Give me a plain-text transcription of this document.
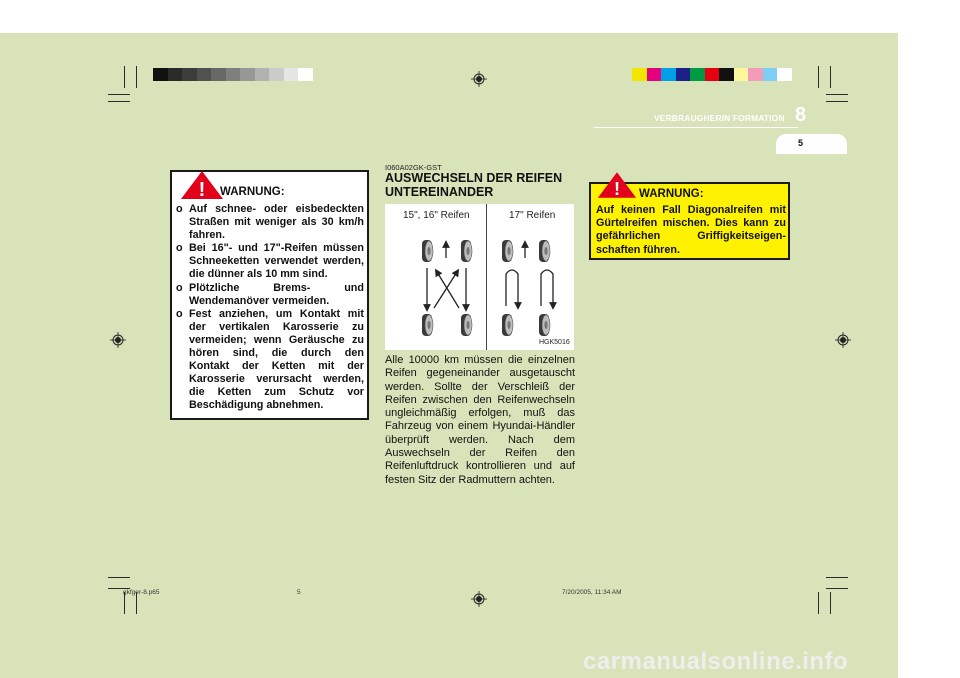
VERBRAUGHERIN FORMATION 8
5
! WARNUNG:
o Auf schnee- oder eisbedeckten Straßen mit weniger als 30 km/h fahren.
o Bei 16"- und 17"-Reifen müssen Schneeketten verwendet werden, die dünner als 10 mm sind.
o Plötzliche Brems- und Wendemanöver vermeiden.
o Fest anziehen, um Kontakt mit der vertikalen Karosserie zu vermeiden; wenn Geräusche zu hören sind, die durch den Kontakt der Ketten mit der Karosserie verursacht werden, die Ketten zum Schutz vor Beschädigung abnehmen.
I060A02GK-GST
AUSWECHSELN DER REIFEN UNTEREINANDER
15", 16" Reifen	17" Reifen
HGK5016
Alle 10000 km müssen die einzelnen Reifen gegeneinander ausgetauscht werden. Sollte der Verschleiß der Reifen zwischen den Reifenwechseln ungleichmäßig erfolgen, muß das Fahrzeug von einem Hyundai-Händler überprüft werden. Nach dem Auswechseln der Reifen den Reifenluftdruck kontrollieren und auf festen Sitz der Radmuttern achten.
! WARNUNG:
Auf keinen Fall Diagonalreifen mit Gürtelreifen mischen. Dies kann zu gefährlichen Griffigkeitseigen-schaften führen.
gkfger-8.p65	5	7/20/2005, 11:34 AM
carmanualsonline.info
